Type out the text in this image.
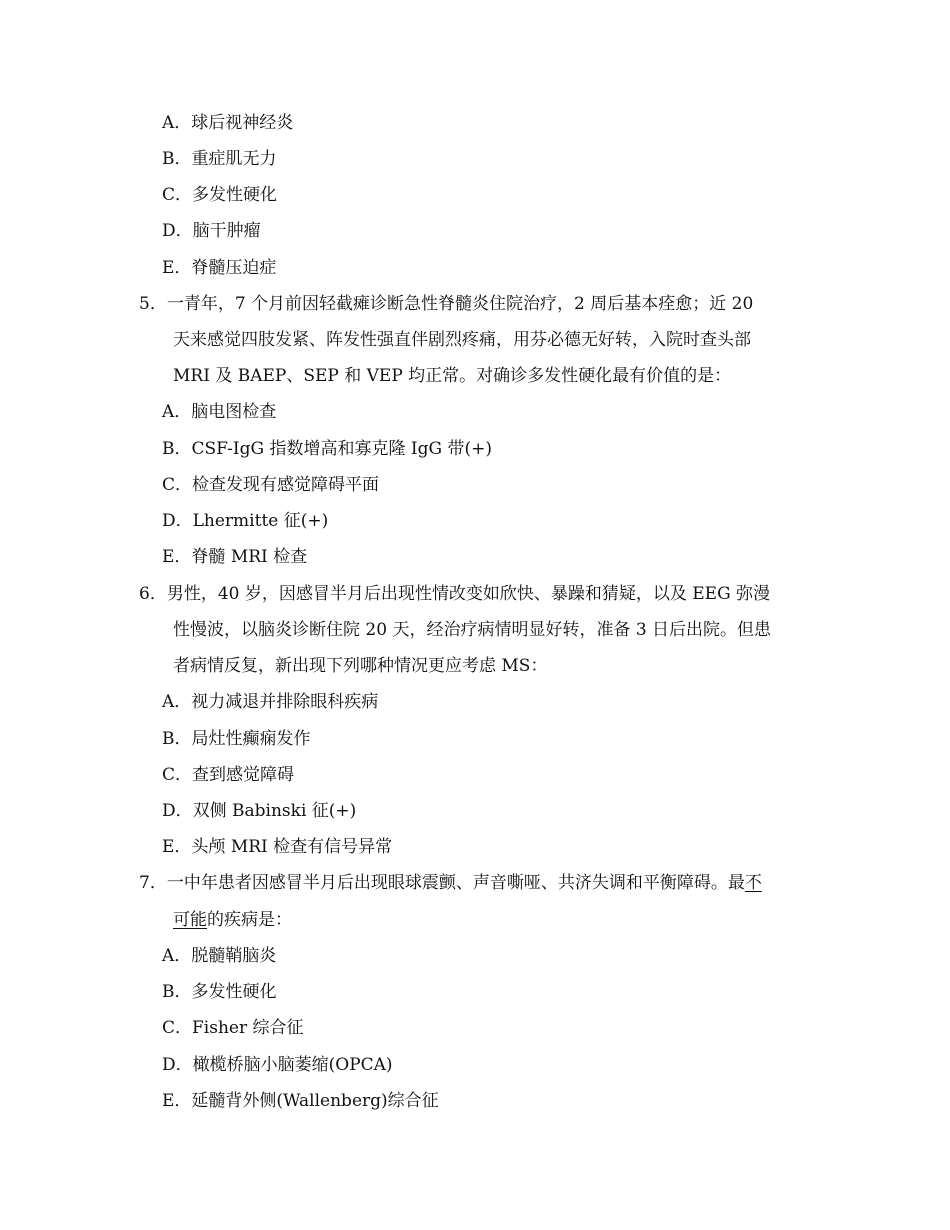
A．球后视神经炎
B．重症肌无力
C．多发性硬化
D．脑干肿瘤
E．脊髓压迫症
5．一青年，7 个月前因轻截瘫诊断急性脊髓炎住院治疗，2 周后基本痊愈；近 20
天来感觉四肢发紧、阵发性强直伴剧烈疼痛，用芬必德无好转，入院时查头部
MRI 及 BAEP、SEP 和 VEP 均正常。对确诊多发性硬化最有价值的是：
A．脑电图检查
B．CSF-IgG 指数增高和寡克隆 IgG 带(+)
C．检查发现有感觉障碍平面
D．Lhermitte 征(+)
E．脊髓 MRI 检查
6．男性，40 岁，因感冒半月后出现性情改变如欣快、暴躁和猜疑，以及 EEG 弥漫
性慢波，以脑炎诊断住院 20 天，经治疗病情明显好转，准备 3 日后出院。但患
者病情反复，新出现下列哪种情况更应考虑 MS：
A．视力减退并排除眼科疾病
B．局灶性癫痫发作
C．查到感觉障碍
D．双侧 Babinski 征(+)
E．头颅 MRI 检查有信号异常
7．一中年患者因感冒半月后出现眼球震颤、声音嘶哑、共济失调和平衡障碍。最不
可能的疾病是：
A．脱髓鞘脑炎
B．多发性硬化
C．Fisher 综合征
D．橄榄桥脑小脑萎缩(OPCA)
E．延髓背外侧(Wallenberg)综合征
